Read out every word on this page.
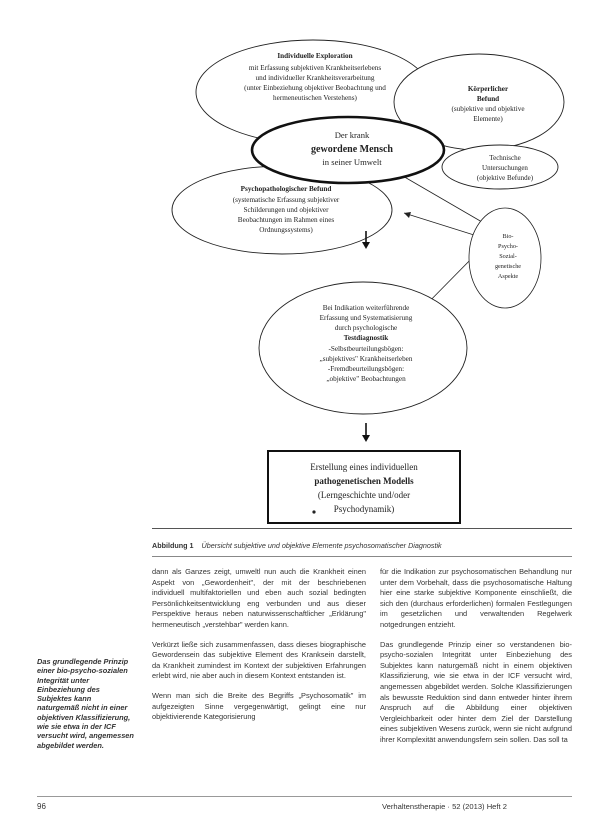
Individuelle Exploration
mit Erfassung subjektiven Krankheitserlebens
und individueller Krankheitsverarbeitung
(unter Einbeziehung objektiver Beobachtung und
hermeneutischen Verstehens)
Körperlicher
Befund
(subjektive und objektive
Elemente)
Der krank
gewordene Mensch
in seiner Umwelt	Technische
Untersuchungen
(objektive Befunde)
Psychopathologischer Befund
(systematische Erfassung subjektiver
Schilderungen und objektiver
Beobachtungen im Rahmen eines
Ordnungssystems)
Bio-
Psycho-
Sozial-
genetische
Aspekte
Bei Indikation weiterführende
Erfassung und Systematisierung
durch psychologische
Testdiagnostik
-Selbstbeurteilungsbögen:
„subjektives" Krankheitserleben
-Fremdbeurteilungsbögen:
„objektive" Beobachtungen
Erstellung eines individuellen
pathogenetischen Modells
(Lerngeschichte und/oder
Psychodynamik)
Abbildung 1 Übersicht subjektive und objektive Elemente psychosomatischer Diagnostik

dann als Ganzes zeigt, umweltl nun auch die Krankheit einen Aspekt von „Gewordenheit", der mit der beschriebenen individuell multifaktoriellen und eben auch sozial bedingten Persönlichkeitsentwicklung eng verbunden und aus dieser Perspektive heraus neben naturwissenschaftlicher „Erklärung" hermeneutisch „verstehbar" werden kann.

Verkürzt ließe sich zusammenfassen, dass dieses biographische Gewordensein das subjektive Element des Kranksein darstellt, da Krankheit zumindest im Kontext der subjektiven Erfahrungen erlebt wird, nie aber auch in diesem Kontext entstanden ist.

Wenn man sich die Breite des Begriffs „Psychosomatik" im aufgezeigten Sinne vergegenwärtigt, gelingt eine nur objektivierende Kategorisierung

für die Indikation zur psychosomatischen Behandlung nur unter dem Vorbehalt, dass die psychosomatische Haltung hier eine starke subjektive Komponente einschließt, die sich den (durchaus erforderlichen) formalen Festlegungen im gesetzlichen und verwaltenden Regelwerk notgedrungen entzieht.

Das grundlegende Prinzip einer so verstandenen bio-psycho-sozialen Integrität unter Einbeziehung des Subjektes kann naturgemäß nicht in einem objektiven Klassifizierung, wie sie etwa in der ICF versucht wird, angemessen abgebildet werden. Solche Klassifizierungen als bewusste Reduktion sind dann entweder hinter ihrem Anspruch auf die Abbildung einer objektiven Vergleichbarkeit oder hinter dem Ziel der Darstellung eines subjektiven Wesens zurück, wenn sie nicht aufgrund ihrer Komplexität anwendungsfern sein sollen. Das soll ta

Das grundlegende Prinzip einer bio-psycho-sozialen Integrität unter Einbeziehung des Subjektes kann naturgemäß nicht in einer objektiven Klassifizierung, wie sie etwa in der ICF versucht wird, angemessen abgebildet werden.
96	Verhaltenstherapie · 52 (2013) Heft 2
